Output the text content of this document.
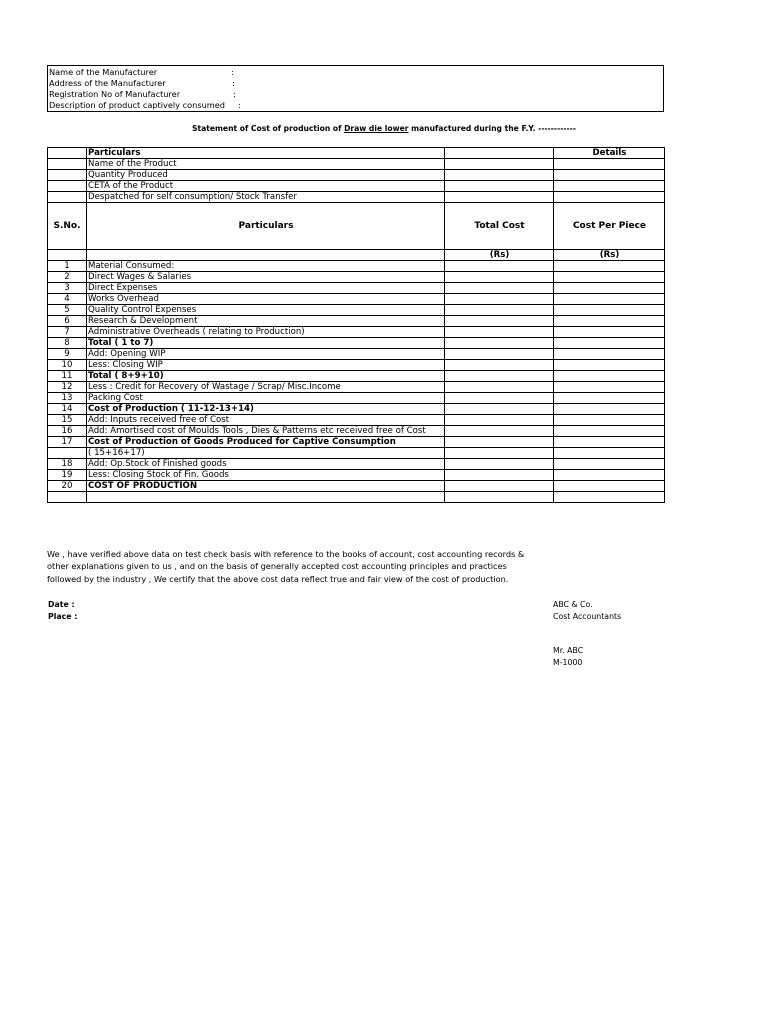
Name of the Manufacturer	:
Address of the Manufacturer	:
Registration No of Manufacturer	:
Description of product captively consumed :
Statement of Cost of production of Draw die lower manufactured during the F.Y. ------------
	Particulars		Details
	Name of the Product		
	Quantity Produced		
	CETA of the Product		
	Despatched for self consumption/ Stock Transfer		
S.No.	Particulars	Total Cost	Cost Per Piece
		(Rs)	(Rs)
1	Material Consumed:		
2	Direct Wages & Salaries		
3	Direct Expenses		
4	Works Overhead		
5	Quality Control Expenses		
6	Research & Development		
7	Administrative Overheads ( relating to Production)		
8	Total ( 1 to 7)		
9	Add: Opening WIP		
10	Less: Closing WIP		
11	Total ( 8+9+10)		
12	Less : Credit for Recovery of Wastage / Scrap/ Misc.Income		
13	Packing Cost		
14	Cost of Production ( 11-12-13+14)		
15	Add: Inputs received free of Cost		
16	Add: Amortised cost of Moulds Tools , Dies & Patterns etc received free of Cost		
17	Cost of Production of Goods Produced for Captive Consumption		
	( 15+16+17)		
18	Add: Op.Stock of Finished goods		
19	Less: Closing Stock of Fin. Goods		
20	COST OF PRODUCTION		

We , have verified above data on test check basis with reference to the books of account, cost accounting records &
other explanations given to us , and on the basis of generally accepted cost accounting principles and practices
followed by the industry , We certify that the above cost data reflect true and fair view of the cost of production.
Date :
Place :
ABC & Co.
Cost Accountants
Mr. ABC
M-1000
